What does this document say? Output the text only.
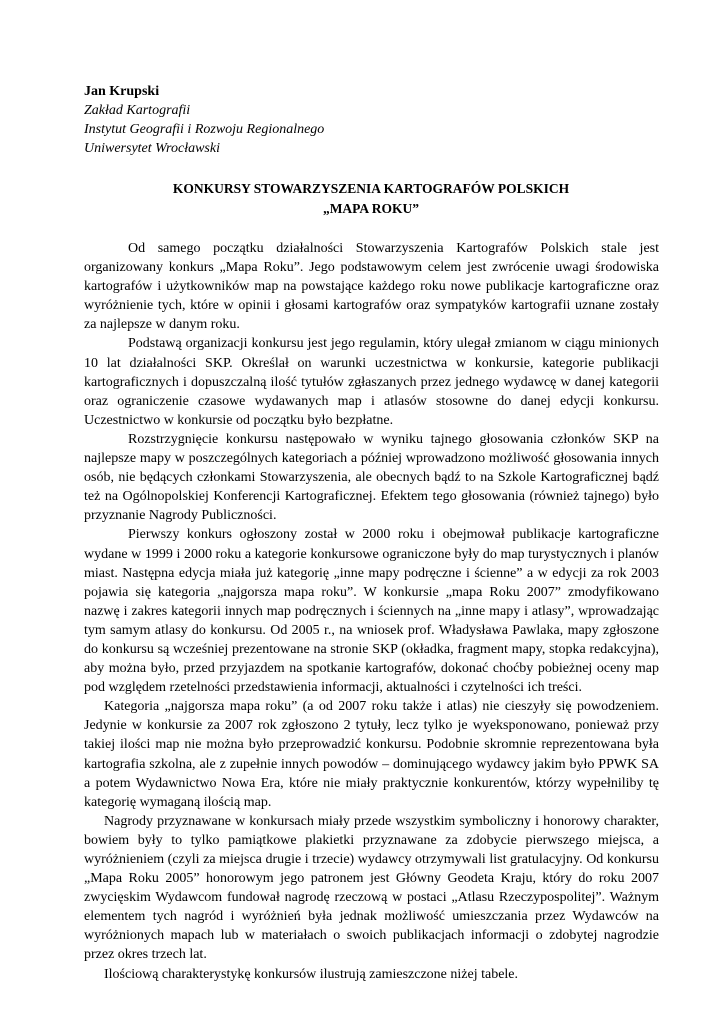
Jan Krupski
Zakład Kartografii
Instytut Geografii i Rozwoju Regionalnego
Uniwersytet Wrocławski
KONKURSY STOWARZYSZENIA KARTOGRAFÓW POLSKICH
„MAPA ROKU”

Od samego początku działalności Stowarzyszenia Kartografów Polskich stale jest organizowany konkurs „Mapa Roku”. Jego podstawowym celem jest zwrócenie uwagi środowiska kartografów i użytkowników map na powstające każdego roku nowe publikacje kartograficzne oraz wyróżnienie tych, które w opinii i głosami kartografów oraz sympatyków kartografii uznane zostały za najlepsze w danym roku.

Podstawą organizacji konkursu jest jego regulamin, który ulegał zmianom w ciągu minionych 10 lat działalności SKP. Określał on warunki uczestnictwa w konkursie, kategorie publikacji kartograficznych i dopuszczalną ilość tytułów zgłaszanych przez jednego wydawcę w danej kategorii oraz ograniczenie czasowe wydawanych map i atlasów stosowne do danej edycji konkursu. Uczestnictwo w konkursie od początku było bezpłatne.

Rozstrzygnięcie konkursu następowało w wyniku tajnego głosowania członków SKP na najlepsze mapy w poszczególnych kategoriach a później wprowadzono możliwość głosowania innych osób, nie będących członkami Stowarzyszenia, ale obecnych bądź to na Szkole Kartograficznej bądź też na Ogólnopolskiej Konferencji Kartograficznej. Efektem tego głosowania (również tajnego) było przyznanie Nagrody Publiczności.

Pierwszy konkurs ogłoszony został w 2000 roku i obejmował publikacje kartograficzne wydane w 1999 i 2000 roku a kategorie konkursowe ograniczone były do map turystycznych i planów miast. Następna edycja miała już kategorię „inne mapy podręczne i ścienne” a w edycji za rok 2003 pojawia się kategoria „najgorsza mapa roku”. W konkursie „mapa Roku 2007” zmodyfikowano nazwę i zakres kategorii innych map podręcznych i ściennych na „inne mapy i atlasy”, wprowadzając tym samym atlasy do konkursu. Od 2005 r., na wniosek prof. Władysława Pawlaka, mapy zgłoszone do konkursu są wcześniej prezentowane na stronie SKP (okładka, fragment mapy, stopka redakcyjna), aby można było, przed przyjazdem na spotkanie kartografów, dokonać choćby pobieżnej oceny map pod względem rzetelności przedstawienia informacji, aktualności i czytelności ich treści.

Kategoria „najgorsza mapa roku” (a od 2007 roku także i atlas) nie cieszyły się powodzeniem. Jedynie w konkursie za 2007 rok zgłoszono 2 tytuły, lecz tylko je wyeksponowano, ponieważ przy takiej ilości map nie można było przeprowadzić konkursu. Podobnie skromnie reprezentowana była kartografia szkolna, ale z zupełnie innych powodów – dominującego wydawcy jakim było PPWK SA a potem Wydawnictwo Nowa Era, które nie miały praktycznie konkurentów, którzy wypełniliby tę kategorię wymaganą ilością map.

Nagrody przyznawane w konkursach miały przede wszystkim symboliczny i honorowy charakter, bowiem były to tylko pamiątkowe plakietki przyznawane za zdobycie pierwszego miejsca, a wyróżnieniem (czyli za miejsca drugie i trzecie) wydawcy otrzymywali list gratulacyjny. Od konkursu „Mapa Roku 2005” honorowym jego patronem jest Główny Geodeta Kraju, który do roku 2007 zwycięskim Wydawcom fundował nagrodę rzeczową w postaci „Atlasu Rzeczypospolitej”. Ważnym elementem tych nagród i wyróżnień była jednak możliwość umieszczania przez Wydawców na wyróżnionych mapach lub w materiałach o swoich publikacjach informacji o zdobytej nagrodzie przez okres trzech lat.

Ilościową charakterystykę konkursów ilustrują zamieszczone niżej tabele.
